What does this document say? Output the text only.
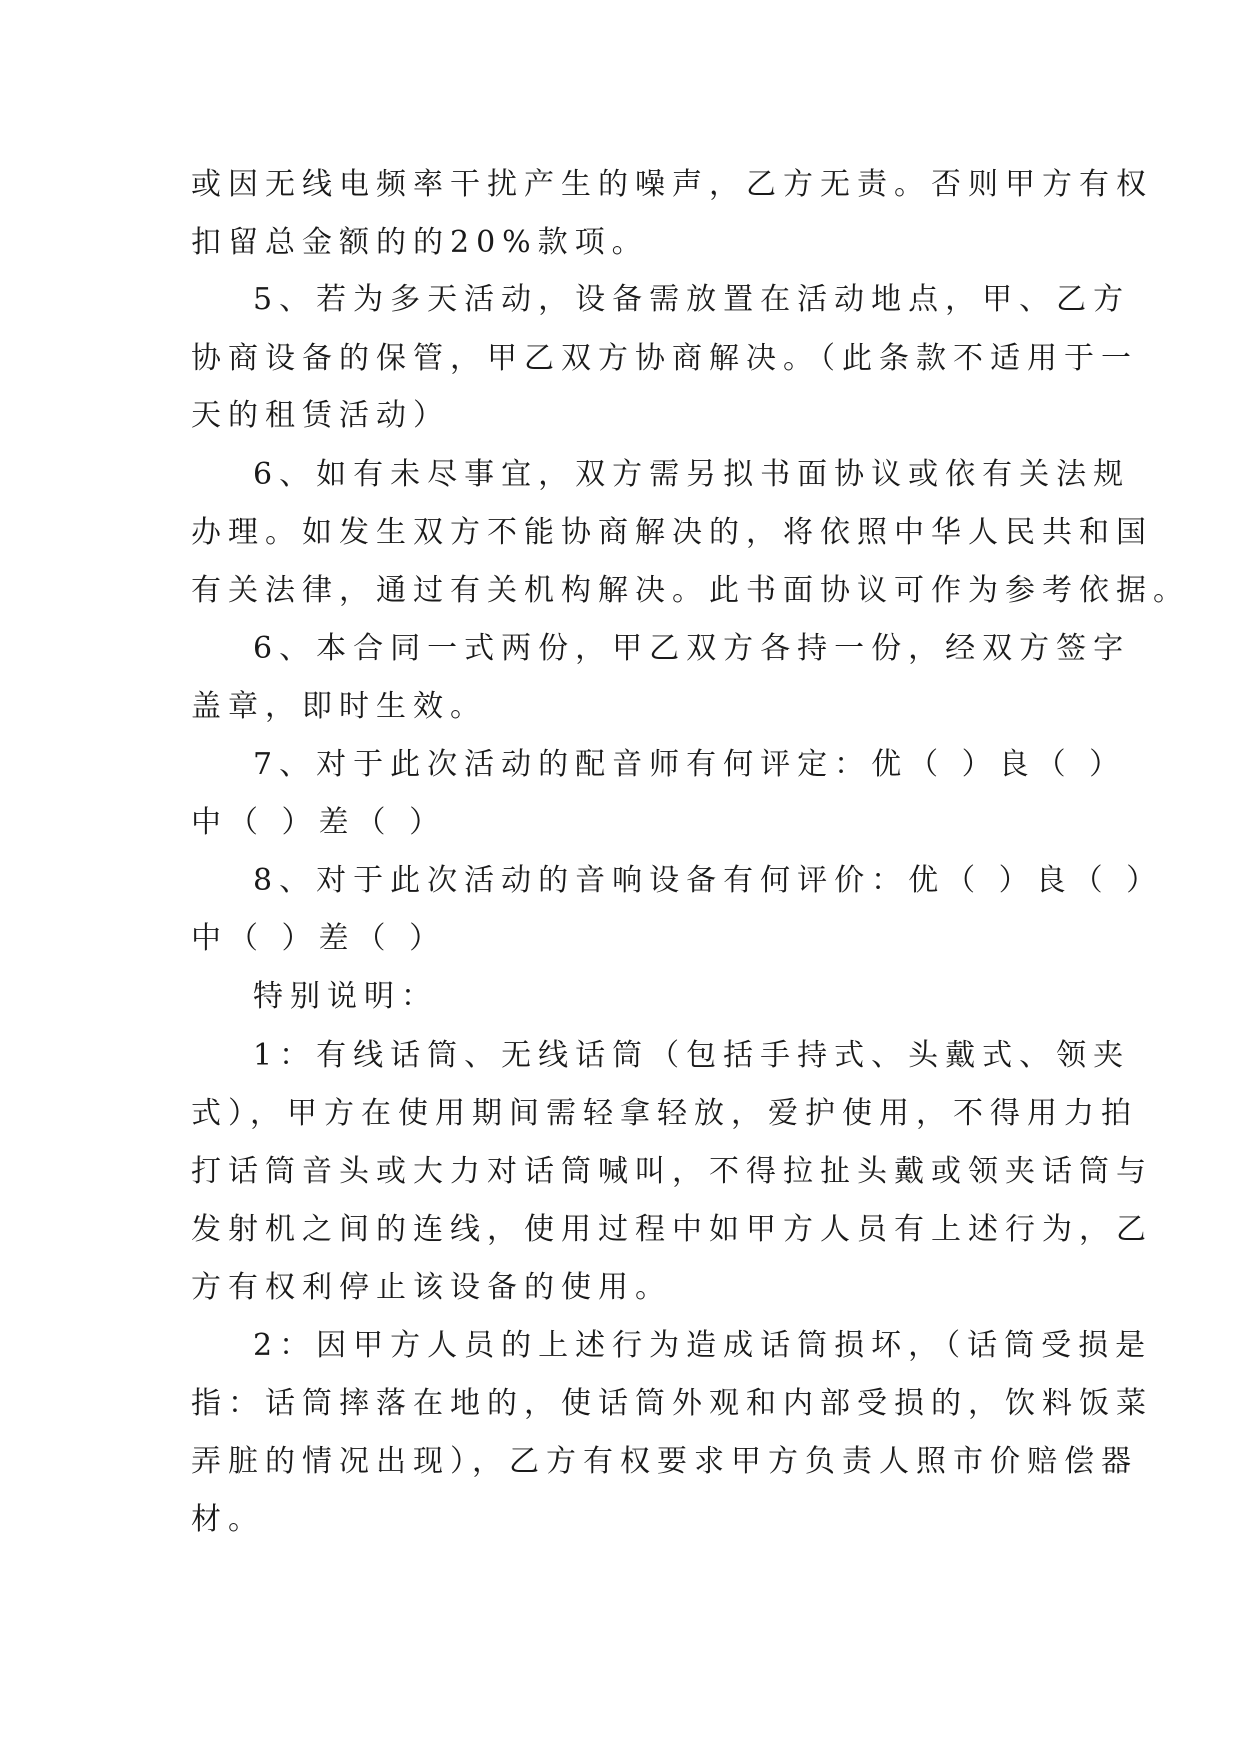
或因无线电频率干扰产生的噪声，乙方无责。否则甲方有权
扣留总金额的的20%款项。
5、若为多天活动，设备需放置在活动地点，甲、乙方
协商设备的保管，甲乙双方协商解决。（此条款不适用于一
天的租赁活动）
6、如有未尽事宜，双方需另拟书面协议或依有关法规
办理。如发生双方不能协商解决的，将依照中华人民共和国
有关法律，通过有关机构解决。此书面协议可作为参考依据。
6、本合同一式两份，甲乙双方各持一份，经双方签字
盖章，即时生效。
7、对于此次活动的配音师有何评定：优（ ）良（ ）
中（ ）差（ ）
8、对于此次活动的音响设备有何评价：优（ ）良（ ）
中（ ）差（ ）
特别说明：
1：有线话筒、无线话筒（包括手持式、头戴式、领夹
式），甲方在使用期间需轻拿轻放，爱护使用，不得用力拍
打话筒音头或大力对话筒喊叫，不得拉扯头戴或领夹话筒与
发射机之间的连线，使用过程中如甲方人员有上述行为，乙
方有权利停止该设备的使用。
2：因甲方人员的上述行为造成话筒损坏，（话筒受损是
指：话筒摔落在地的，使话筒外观和内部受损的，饮料饭菜
弄脏的情况出现），乙方有权要求甲方负责人照市价赔偿器
材。
